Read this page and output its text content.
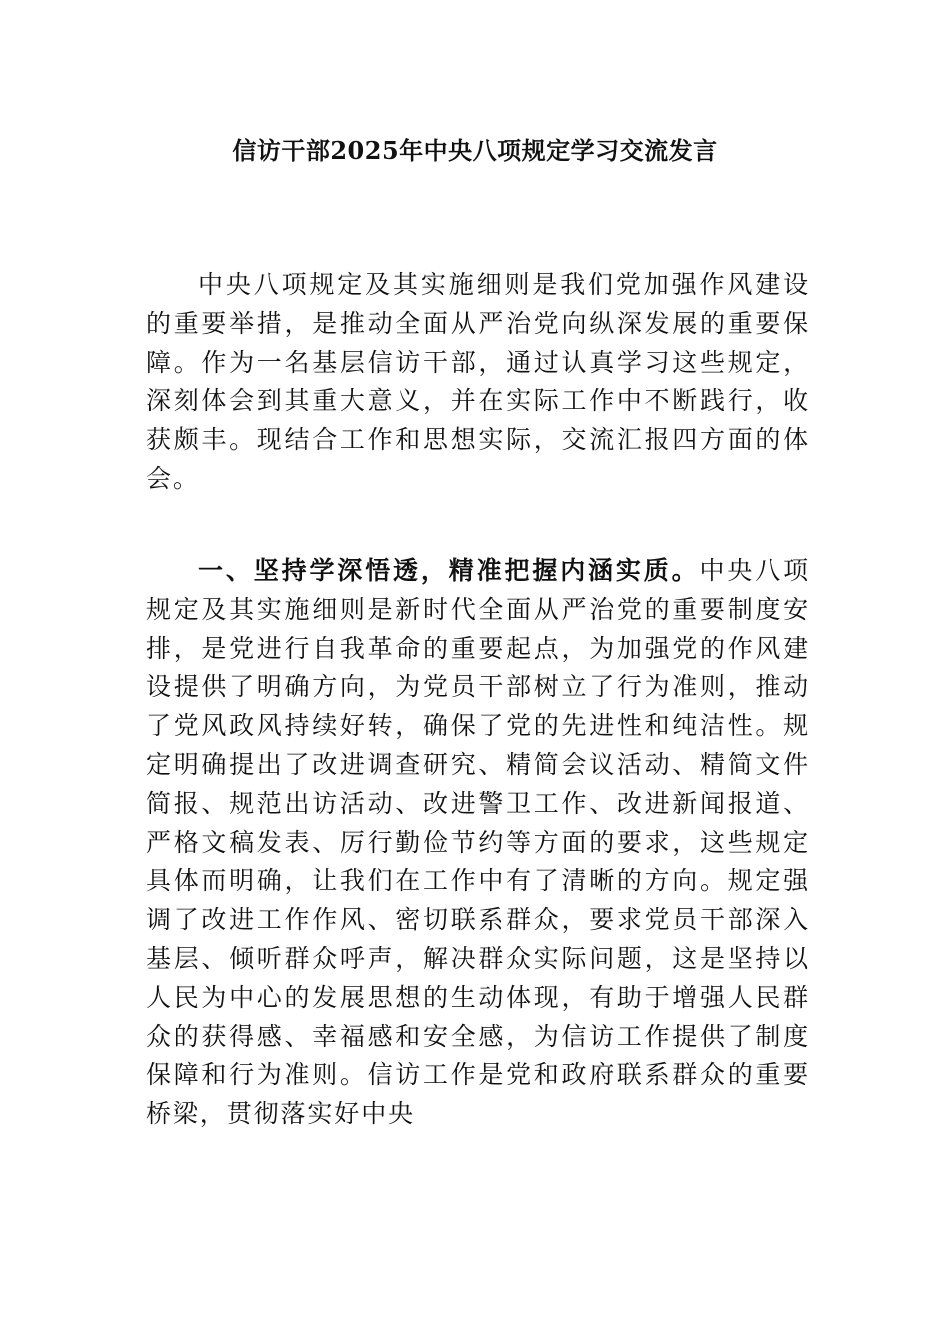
信访干部2025年中央八项规定学习交流发言

中央八项规定及其实施细则是我们党加强作风建设的重要举措，是推动全面从严治党向纵深发展的重要保障。作为一名基层信访干部，通过认真学习这些规定，深刻体会到其重大意义，并在实际工作中不断践行，收获颇丰。现结合工作和思想实际，交流汇报四方面的体会。

一、坚持学深悟透，精准把握内涵实质。中央八项规定及其实施细则是新时代全面从严治党的重要制度安排，是党进行自我革命的重要起点，为加强党的作风建设提供了明确方向，为党员干部树立了行为准则，推动了党风政风持续好转，确保了党的先进性和纯洁性。规定明确提出了改进调查研究、精简会议活动、精简文件简报、规范出访活动、改进警卫工作、改进新闻报道、严格文稿发表、厉行勤俭节约等方面的要求，这些规定具体而明确，让我们在工作中有了清晰的方向。规定强调了改进工作作风、密切联系群众，要求党员干部深入基层、倾听群众呼声，解决群众实际问题，这是坚持以人民为中心的发展思想的生动体现，有助于增强人民群众的获得感、幸福感和安全感，为信访工作提供了制度保障和行为准则。信访工作是党和政府联系群众的重要桥梁，贯彻落实好中央
